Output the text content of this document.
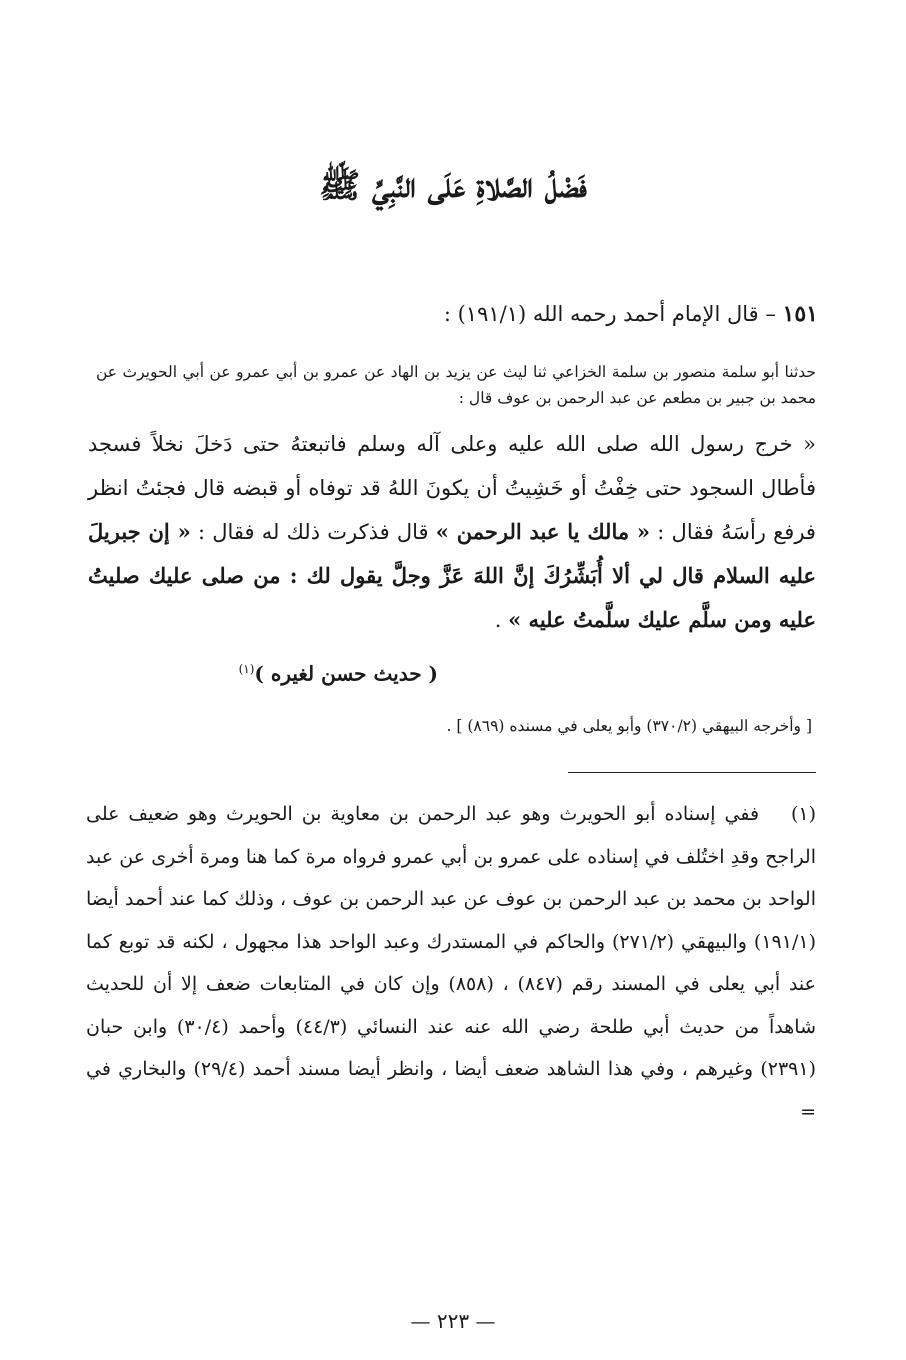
فَضْلُ الصَّلاةِ عَلَى النَّبِيِّ ﷺ
١٥١ – قال الإمام أحمد رحمه الله (١٩١/١) :
حدثنا أبو سلمة منصور بن سلمة الخزاعي ثنا ليث عن يزيد بن الهاد عن عمرو بن أبي عمرو عن أبي الحويرث عن محمد بن جبير بن مطعم عن عبد الرحمن بن عوف قال :
« خرج رسول الله صلى الله عليه وعلى آله وسلم فاتبعتهُ حتى دَخلَ نخلاً فسجد فأطال السجود حتى خِفْتُ أو خَشِيتُ أن يكونَ اللهُ قد توفاه أو قبضه قال فجئتُ انظر فرفع رأسَهُ فقال : « مالك يا عبد الرحمن » قال فذكرت ذلك له فقال : « إن جبريلَ عليه السلام قال لي ألا أُبَشِّرُكَ إنَّ اللهَ عَزَّ وجلَّ يقول لك : من صلى عليك صليتُ عليه ومن سلَّم عليك سلَّمتُ عليه » .
( حديث حسن لغيره )$^{(١)}$
[ وأخرجه البيهقي (٣٧٠/٢) وأبو يعلى في مسنده (٨٦٩) ] .
(١) ففي إسناده أبو الحويرث وهو عبد الرحمن بن معاوية بن الحويرث وهو ضعيف على الراجح وقدِ اختُلف في إسناده على عمرو بن أبي عمرو فرواه مرة كما هنا ومرة أخرى عن عبد الواحد بن محمد بن عبد الرحمن بن عوف عن عبد الرحمن بن عوف ، وذلك كما عند أحمد أيضا (١٩١/١) والبيهقي (٢٧١/٢) والحاكم في المستدرك وعبد الواحد هذا مجهول ، لكنه قد توبع كما عند أبي يعلى في المسند رقم (٨٤٧) ، (٨٥٨) وإن كان في المتابعات ضعف إلا أن للحديث شاهداً من حديث أبي طلحة رضي الله عنه عند النسائي (٤٤/٣) وأحمد (٣٠/٤) وابن حبان (٢٣٩١) وغيرهم ، وفي هذا الشاهد ضعف أيضا ، وانظر أيضا مسند أحمد (٢٩/٤) والبخاري في =
— ٢٢٣ —
